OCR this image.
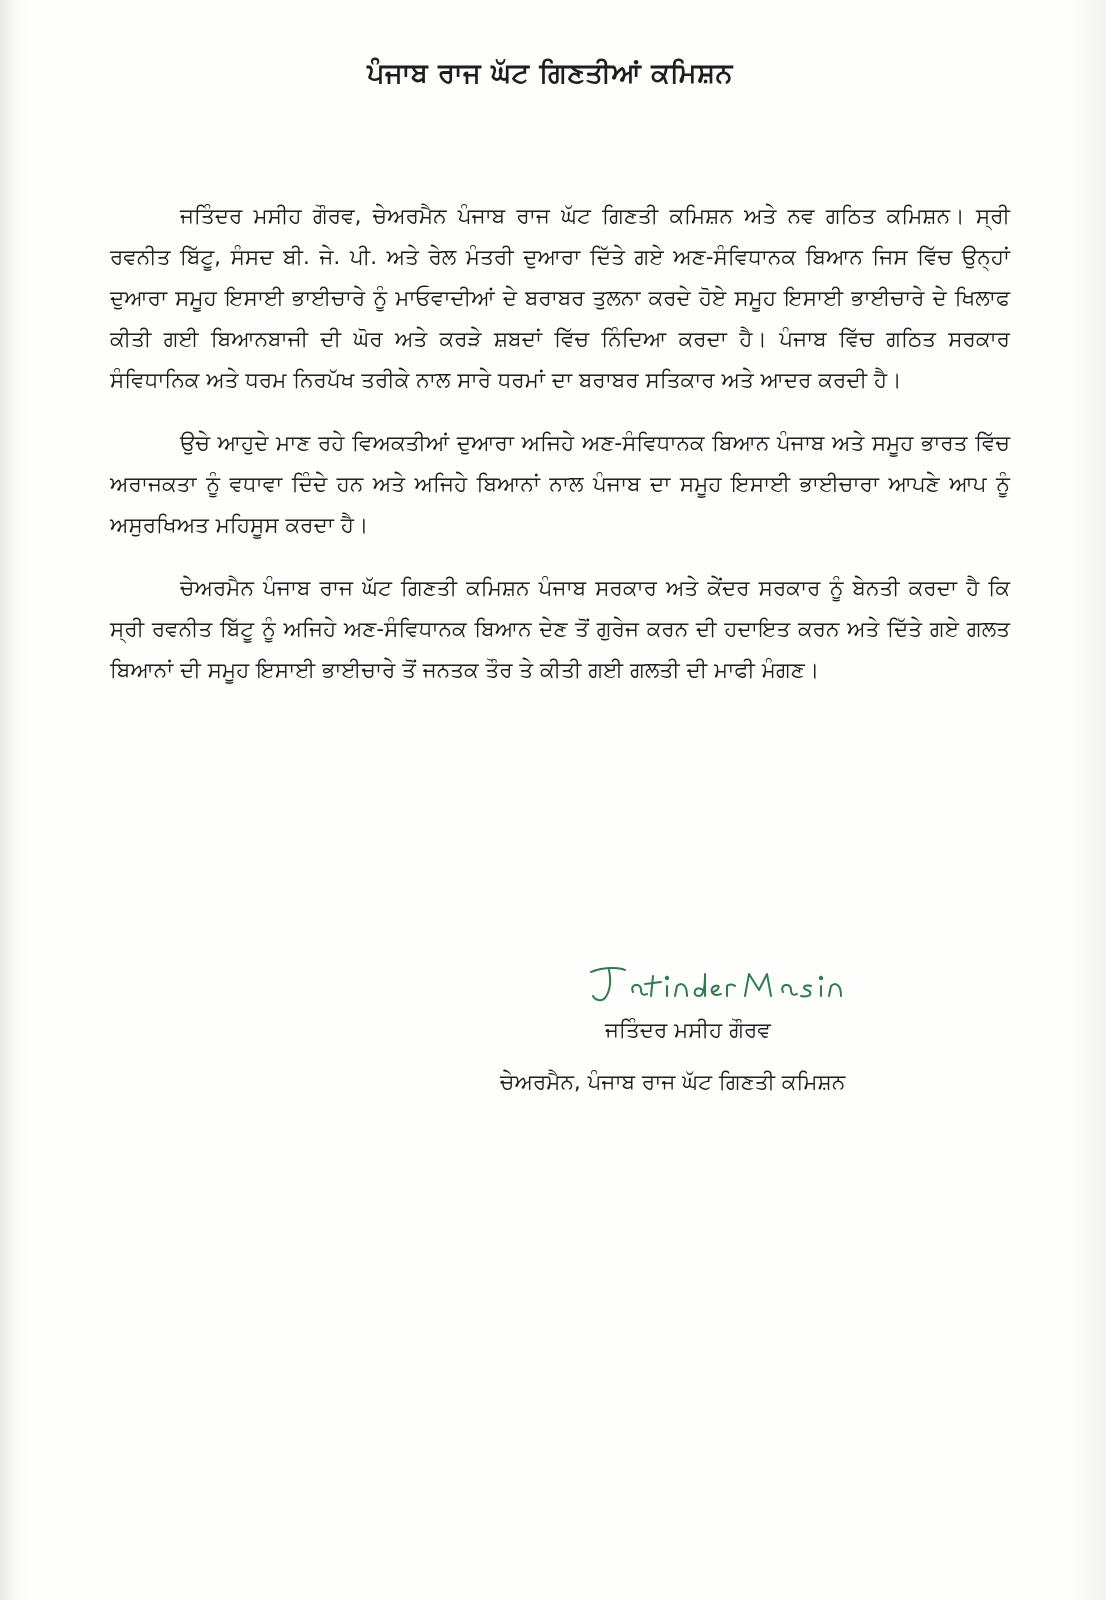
ਪੰਜਾਬ ਰਾਜ ਘੱਟ ਗਿਣਤੀਆਂ ਕਮਿਸ਼ਨ

ਜਤਿੰਦਰ ਮਸੀਹ ਗੌਰਵ, ਚੇਅਰਮੈਨ ਪੰਜਾਬ ਰਾਜ ਘੱਟ ਗਿਣਤੀ ਕਮਿਸ਼ਨ ਅਤੇ ਨਵ ਗਠਿਤ ਕਮਿਸ਼ਨ। ਸ੍ਰੀ ਰਵਨੀਤ ਬਿੱਟੂ, ਸੰਸਦ ਬੀ. ਜੇ. ਪੀ. ਅਤੇ ਰੇਲ ਮੰਤਰੀ ਦੁਆਰਾ ਦਿੱਤੇ ਗਏ ਅਣ-ਸੰਵਿਧਾਨਕ ਬਿਆਨ ਜਿਸ ਵਿੱਚ ਉਨ੍ਹਾਂ ਦੁਆਰਾ ਸਮੂਹ ਇਸਾਈ ਭਾਈਚਾਰੇ ਨੂੰ ਮਾਓਵਾਦੀਆਂ ਦੇ ਬਰਾਬਰ ਤੁਲਨਾ ਕਰਦੇ ਹੋਏ ਸਮੂਹ ਇਸਾਈ ਭਾਈਚਾਰੇ ਦੇ ਖਿਲਾਫ ਕੀਤੀ ਗਈ ਬਿਆਨਬਾਜੀ ਦੀ ਘੋਰ ਅਤੇ ਕਰੜੇ ਸ਼ਬਦਾਂ ਵਿੱਚ ਨਿੰਦਿਆ ਕਰਦਾ ਹੈ। ਪੰਜਾਬ ਵਿੱਚ ਗਠਿਤ ਸਰਕਾਰ ਸੰਵਿਧਾਨਿਕ ਅਤੇ ਧਰਮ ਨਿਰਪੱਖ ਤਰੀਕੇ ਨਾਲ ਸਾਰੇ ਧਰਮਾਂ ਦਾ ਬਰਾਬਰ ਸਤਿਕਾਰ ਅਤੇ ਆਦਰ ਕਰਦੀ ਹੈ।

ਉਚੇ ਆਹੁਦੇ ਮਾਣ ਰਹੇ ਵਿਅਕਤੀਆਂ ਦੁਆਰਾ ਅਜਿਹੇ ਅਣ-ਸੰਵਿਧਾਨਕ ਬਿਆਨ ਪੰਜਾਬ ਅਤੇ ਸਮੂਹ ਭਾਰਤ ਵਿੱਚ ਅਰਾਜਕਤਾ ਨੂੰ ਵਧਾਵਾ ਦਿੰਦੇ ਹਨ ਅਤੇ ਅਜਿਹੇ ਬਿਆਨਾਂ ਨਾਲ ਪੰਜਾਬ ਦਾ ਸਮੂਹ ਇਸਾਈ ਭਾਈਚਾਰਾ ਆਪਣੇ ਆਪ ਨੂੰ ਅਸੁਰਖਿਅਤ ਮਹਿਸੂਸ ਕਰਦਾ ਹੈ।

ਚੇਅਰਮੈਨ ਪੰਜਾਬ ਰਾਜ ਘੱਟ ਗਿਣਤੀ ਕਮਿਸ਼ਨ ਪੰਜਾਬ ਸਰਕਾਰ ਅਤੇ ਕੇਂਦਰ ਸਰਕਾਰ ਨੂੰ ਬੇਨਤੀ ਕਰਦਾ ਹੈ ਕਿ ਸ੍ਰੀ ਰਵਨੀਤ ਬਿੱਟੂ ਨੂੰ ਅਜਿਹੇ ਅਣ-ਸੰਵਿਧਾਨਕ ਬਿਆਨ ਦੇਣ ਤੋਂ ਗੁਰੇਜ ਕਰਨ ਦੀ ਹਦਾਇਤ ਕਰਨ ਅਤੇ ਦਿੱਤੇ ਗਏ ਗਲਤ ਬਿਆਨਾਂ ਦੀ ਸਮੂਹ ਇਸਾਈ ਭਾਈਚਾਰੇ ਤੋਂ ਜਨਤਕ ਤੌਰ ਤੇ ਕੀਤੀ ਗਈ ਗਲਤੀ ਦੀ ਮਾਫੀ ਮੰਗਣ।

ਜਤਿੰਦਰ ਮਸੀਹ ਗੌਰਵ
ਚੇਅਰਮੈਨ, ਪੰਜਾਬ ਰਾਜ ਘੱਟ ਗਿਣਤੀ ਕਮਿਸ਼ਨ
